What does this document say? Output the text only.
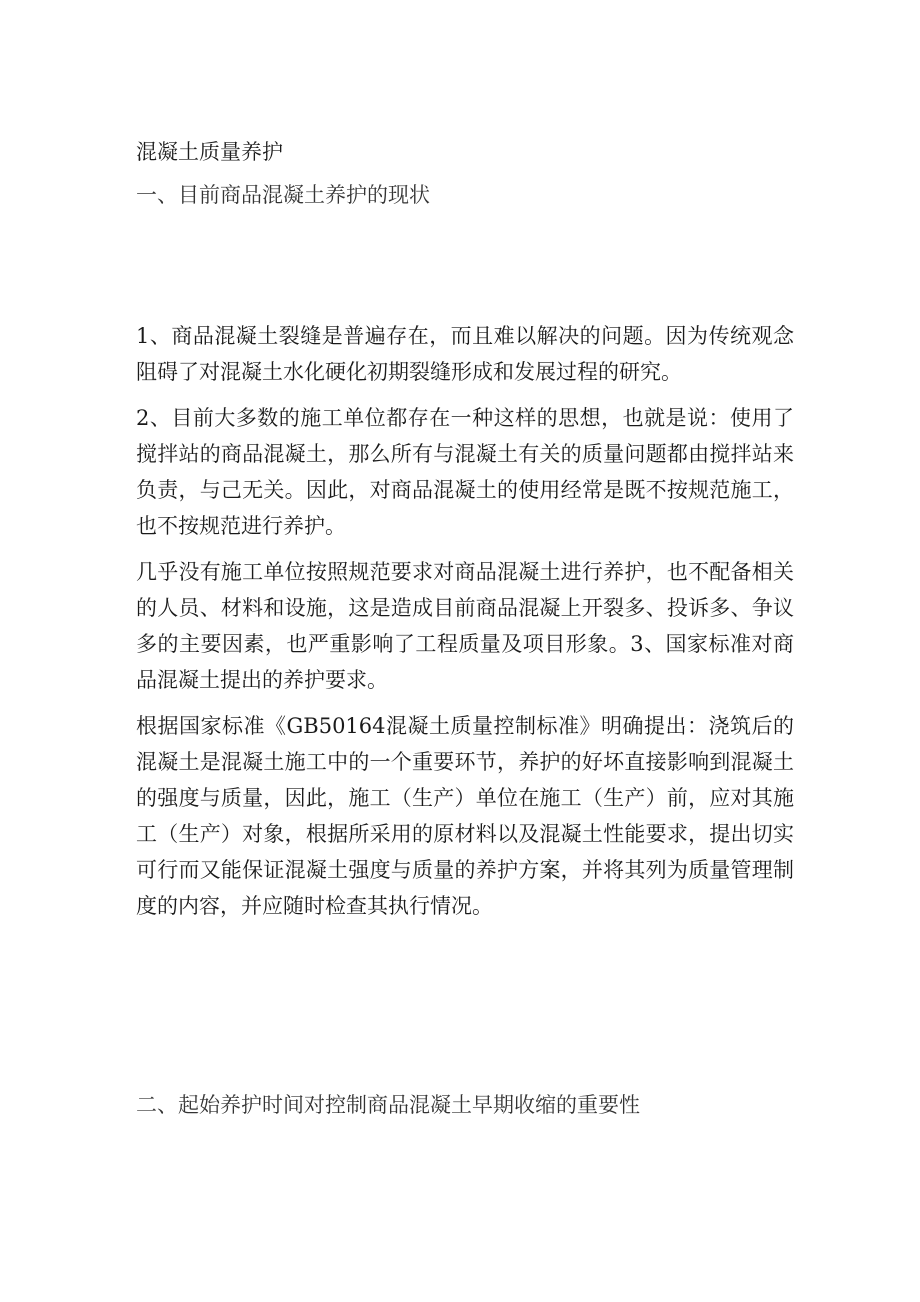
混凝土质量养护
一、目前商品混凝土养护的现状

1、商品混凝土裂缝是普遍存在，而且难以解决的问题。因为传统观念阻碍了对混凝土水化硬化初期裂缝形成和发展过程的研究。

2、目前大多数的施工单位都存在一种这样的思想，也就是说：使用了搅拌站的商品混凝土，那么所有与混凝土有关的质量问题都由搅拌站来负责，与己无关。因此，对商品混凝土的使用经常是既不按规范施工，也不按规范进行养护。

几乎没有施工单位按照规范要求对商品混凝土进行养护，也不配备相关的人员、材料和设施，这是造成目前商品混凝上开裂多、投诉多、争议多的主要因素，也严重影响了工程质量及项目形象。3、国家标准对商品混凝土提出的养护要求。

根据国家标准《GB50164混凝土质量控制标准》明确提出：浇筑后的混凝土是混凝土施工中的一个重要环节，养护的好坏直接影响到混凝土的强度与质量，因此，施工（生产）单位在施工（生产）前，应对其施工（生产）对象，根据所采用的原材料以及混凝土性能要求，提出切实可行而又能保证混凝土强度与质量的养护方案，并将其列为质量管理制度的内容，并应随时检查其执行情况。

二、起始养护时间对控制商品混凝土早期收缩的重要性
